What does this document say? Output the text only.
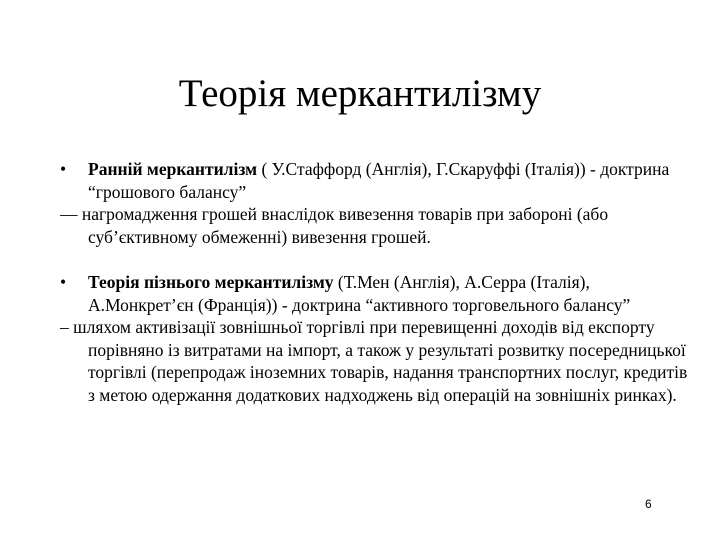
Теорія меркантилізму

• Ранній меркантилізм ( У.Стаффорд (Англія), Г.Скаруффі (Італія)) - доктрина “грошового балансу”

— нагромадження грошей внаслідок вивезення товарів при забороні (або суб’єктивному обмеженні) вивезення грошей.

• Теорія пізнього меркантилізму (Т.Мен (Англія), А.Серра (Італія), А.Монкрет’єн (Франція)) - доктрина “активного торговельного балансу”

– шляхом активізації зовнішньої торгівлі при перевищенні доходів від експорту порівняно із витратами на імпорт, а також у результаті розвитку посередницької торгівлі (перепродаж іноземних товарів, надання транспортних послуг, кредитів з метою одержання додаткових надходжень від операцій на зовнішніх ринках).

6
